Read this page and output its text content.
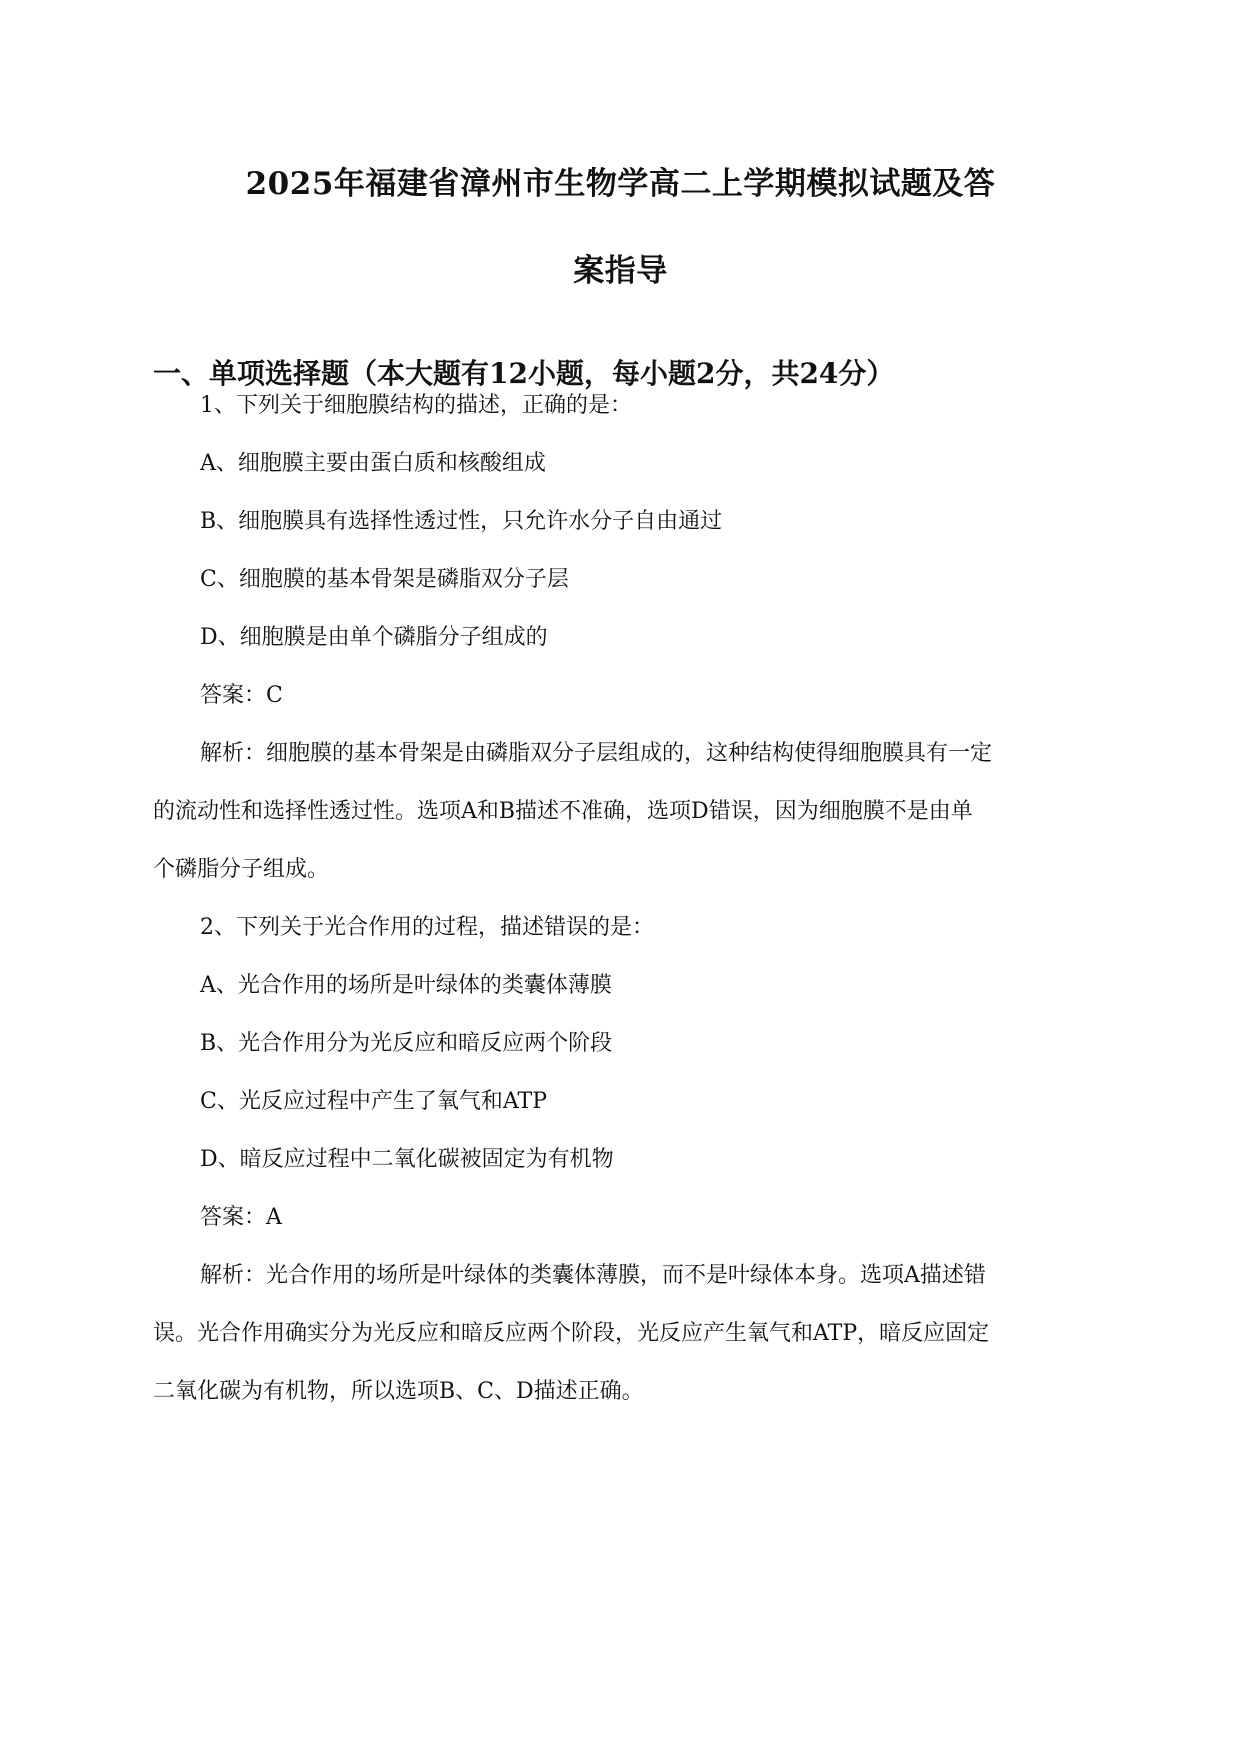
2025年福建省漳州市生物学高二上学期模拟试题及答
案指导
一、单项选择题（本大题有12小题，每小题2分，共24分）
1、下列关于细胞膜结构的描述，正确的是：
A、细胞膜主要由蛋白质和核酸组成
B、细胞膜具有选择性透过性，只允许水分子自由通过
C、细胞膜的基本骨架是磷脂双分子层
D、细胞膜是由单个磷脂分子组成的
答案：C
解析：细胞膜的基本骨架是由磷脂双分子层组成的，这种结构使得细胞膜具有一定
的流动性和选择性透过性。选项A和B描述不准确，选项D错误，因为细胞膜不是由单
个磷脂分子组成。
2、下列关于光合作用的过程，描述错误的是：
A、光合作用的场所是叶绿体的类囊体薄膜
B、光合作用分为光反应和暗反应两个阶段
C、光反应过程中产生了氧气和ATP
D、暗反应过程中二氧化碳被固定为有机物
答案：A
解析：光合作用的场所是叶绿体的类囊体薄膜，而不是叶绿体本身。选项A描述错
误。光合作用确实分为光反应和暗反应两个阶段，光反应产生氧气和ATP，暗反应固定
二氧化碳为有机物，所以选项B、C、D描述正确。
